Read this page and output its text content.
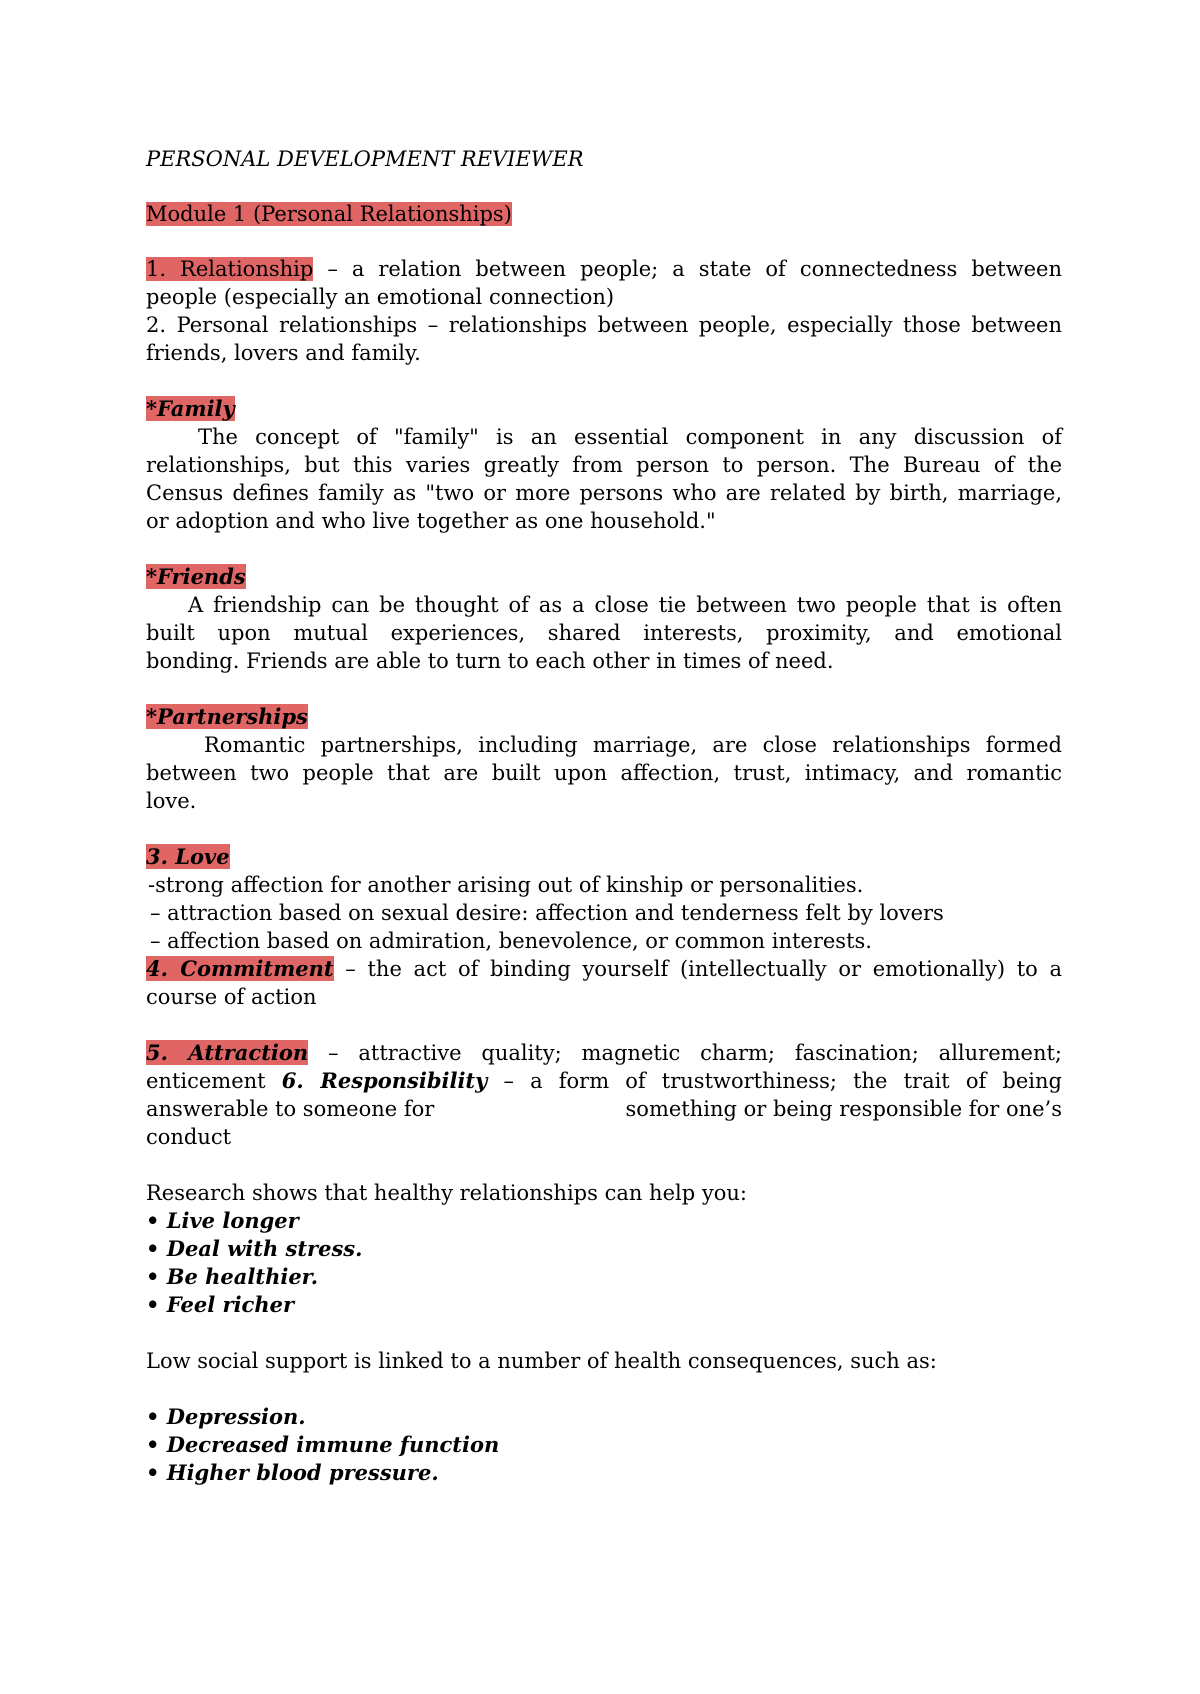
PERSONAL DEVELOPMENT REVIEWER

Module 1 (Personal Relationships)

1. Relationship – a relation between people; a state of connectedness between

people (especially an emotional connection)

2. Personal relationships – relationships between people, especially those between

friends, lovers and family.

*Family

The concept of "family" is an essential component in any discussion of

relationships, but this varies greatly from person to person. The Bureau of the

Census defines family as "two or more persons who are related by birth, marriage,

or adoption and who live together as one household."

*Friends

A friendship can be thought of as a close tie between two people that is often

built upon mutual experiences, shared interests, proximity, and emotional

bonding. Friends are able to turn to each other in times of need.

*Partnerships

Romantic partnerships, including marriage, are close relationships formed

between two people that are built upon affection, trust, intimacy, and romantic

love.

3. Love

-strong affection for another arising out of kinship or personalities.

– attraction based on sexual desire: affection and tenderness felt by lovers

– affection based on admiration, benevolence, or common interests.

4. Commitment – the act of binding yourself (intellectually or emotionally) to a

course of action

5. Attraction – attractive quality; magnetic charm; fascination; allurement;

enticement 6. Responsibility – a form of trustworthiness; the trait of being

answerable to someone for	something or being responsible for one’s

conduct

Research shows that healthy relationships can help you:

• Live longer

• Deal with stress.

• Be healthier.

• Feel richer

Low social support is linked to a number of health consequences, such as:

• Depression.

• Decreased immune function

• Higher blood pressure.
